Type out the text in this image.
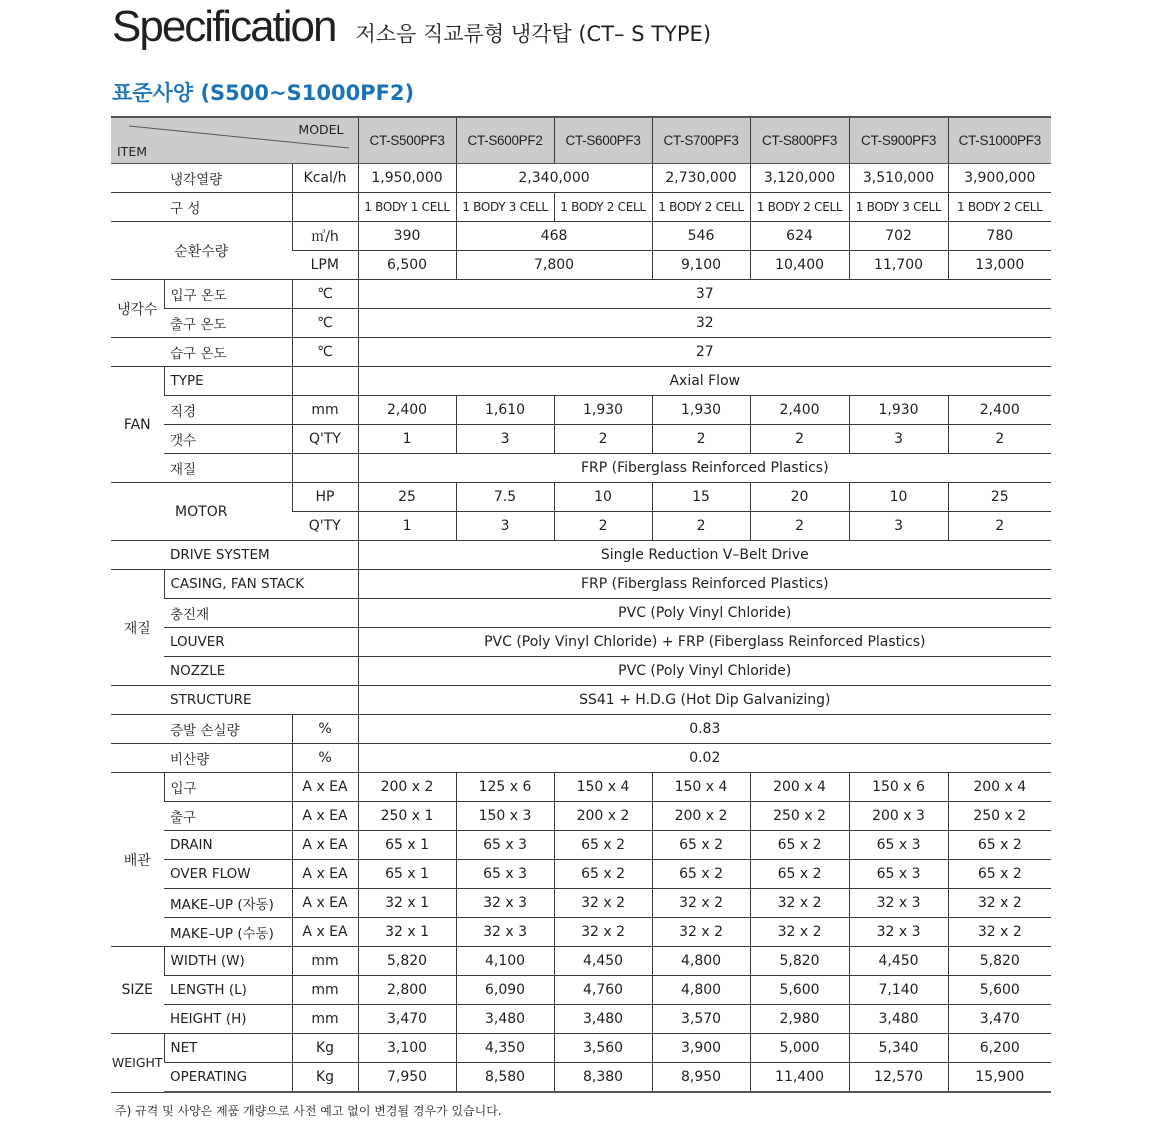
Specification 저소음 직교류형 냉각탑 (CT– S TYPE)
표준사양 (S500~S1000PF2)
MODEL
ITEM			CT-S500PF3	CT-S600PF2	CT-S600PF3	CT-S700PF3	CT-S800PF3	CT-S900PF3	CT-S1000PF3
	냉각열량	Kcal/h	1,950,000	2,340,000		2,730,000	3,120,000	3,510,000	3,900,000
	구 성		1 BODY 1 CELL	1 BODY 3 CELL	1 BODY 2 CELL	1 BODY 2 CELL	1 BODY 2 CELL	1 BODY 3 CELL	1 BODY 2 CELL
순환수량		㎥/h	390	468		546	624	702	780
		LPM	6,500	7,800		9,100	10,400	11,700	13,000
냉각수	입구 온도	℃	37						
	출구 온도	℃	32						
	습구 온도	℃	27						
FAN	TYPE		Axial Flow						
	직경	mm	2,400	1,610	1,930	1,930	2,400	1,930	2,400
	갯수	Q'TY	1	3	2	2	2	3	2
	재질		FRP (Fiberglass Reinforced Plastics)						
MOTOR		HP	25	7.5	10	15	20	10	25
		Q'TY	1	3	2	2	2	3	2
	DRIVE SYSTEM		Single Reduction V–Belt Drive						
재질	CASING, FAN STACK		FRP (Fiberglass Reinforced Plastics)						
	충진재		PVC (Poly Vinyl Chloride)						
	LOUVER		PVC (Poly Vinyl Chloride) + FRP (Fiberglass Reinforced Plastics)						
	NOZZLE		PVC (Poly Vinyl Chloride)						
	STRUCTURE		SS41 + H.D.G (Hot Dip Galvanizing)						
	증발 손실량	%	0.83						
	비산량	%	0.02						
배관	입구	A x EA	200 x 2	125 x 6	150 x 4	150 x 4	200 x 4	150 x 6	200 x 4
	출구	A x EA	250 x 1	150 x 3	200 x 2	200 x 2	250 x 2	200 x 3	250 x 2
	DRAIN	A x EA	65 x 1	65 x 3	65 x 2	65 x 2	65 x 2	65 x 3	65 x 2
	OVER FLOW	A x EA	65 x 1	65 x 3	65 x 2	65 x 2	65 x 2	65 x 3	65 x 2
	MAKE–UP (자동)	A x EA	32 x 1	32 x 3	32 x 2	32 x 2	32 x 2	32 x 3	32 x 2
	MAKE–UP (수동)	A x EA	32 x 1	32 x 3	32 x 2	32 x 2	32 x 2	32 x 3	32 x 2
SIZE	WIDTH (W)	mm	5,820	4,100	4,450	4,800	5,820	4,450	5,820
	LENGTH (L)	mm	2,800	6,090	4,760	4,800	5,600	7,140	5,600
	HEIGHT (H)	mm	3,470	3,480	3,480	3,570	2,980	3,480	3,470
WEIGHT	NET	Kg	3,100	4,350	3,560	3,900	5,000	5,340	6,200
	OPERATING	Kg	7,950	8,580	8,380	8,950	11,400	12,570	15,900
주) 규격 및 사양은 제품 개량으로 사전 예고 없이 변경될 경우가 있습니다.
